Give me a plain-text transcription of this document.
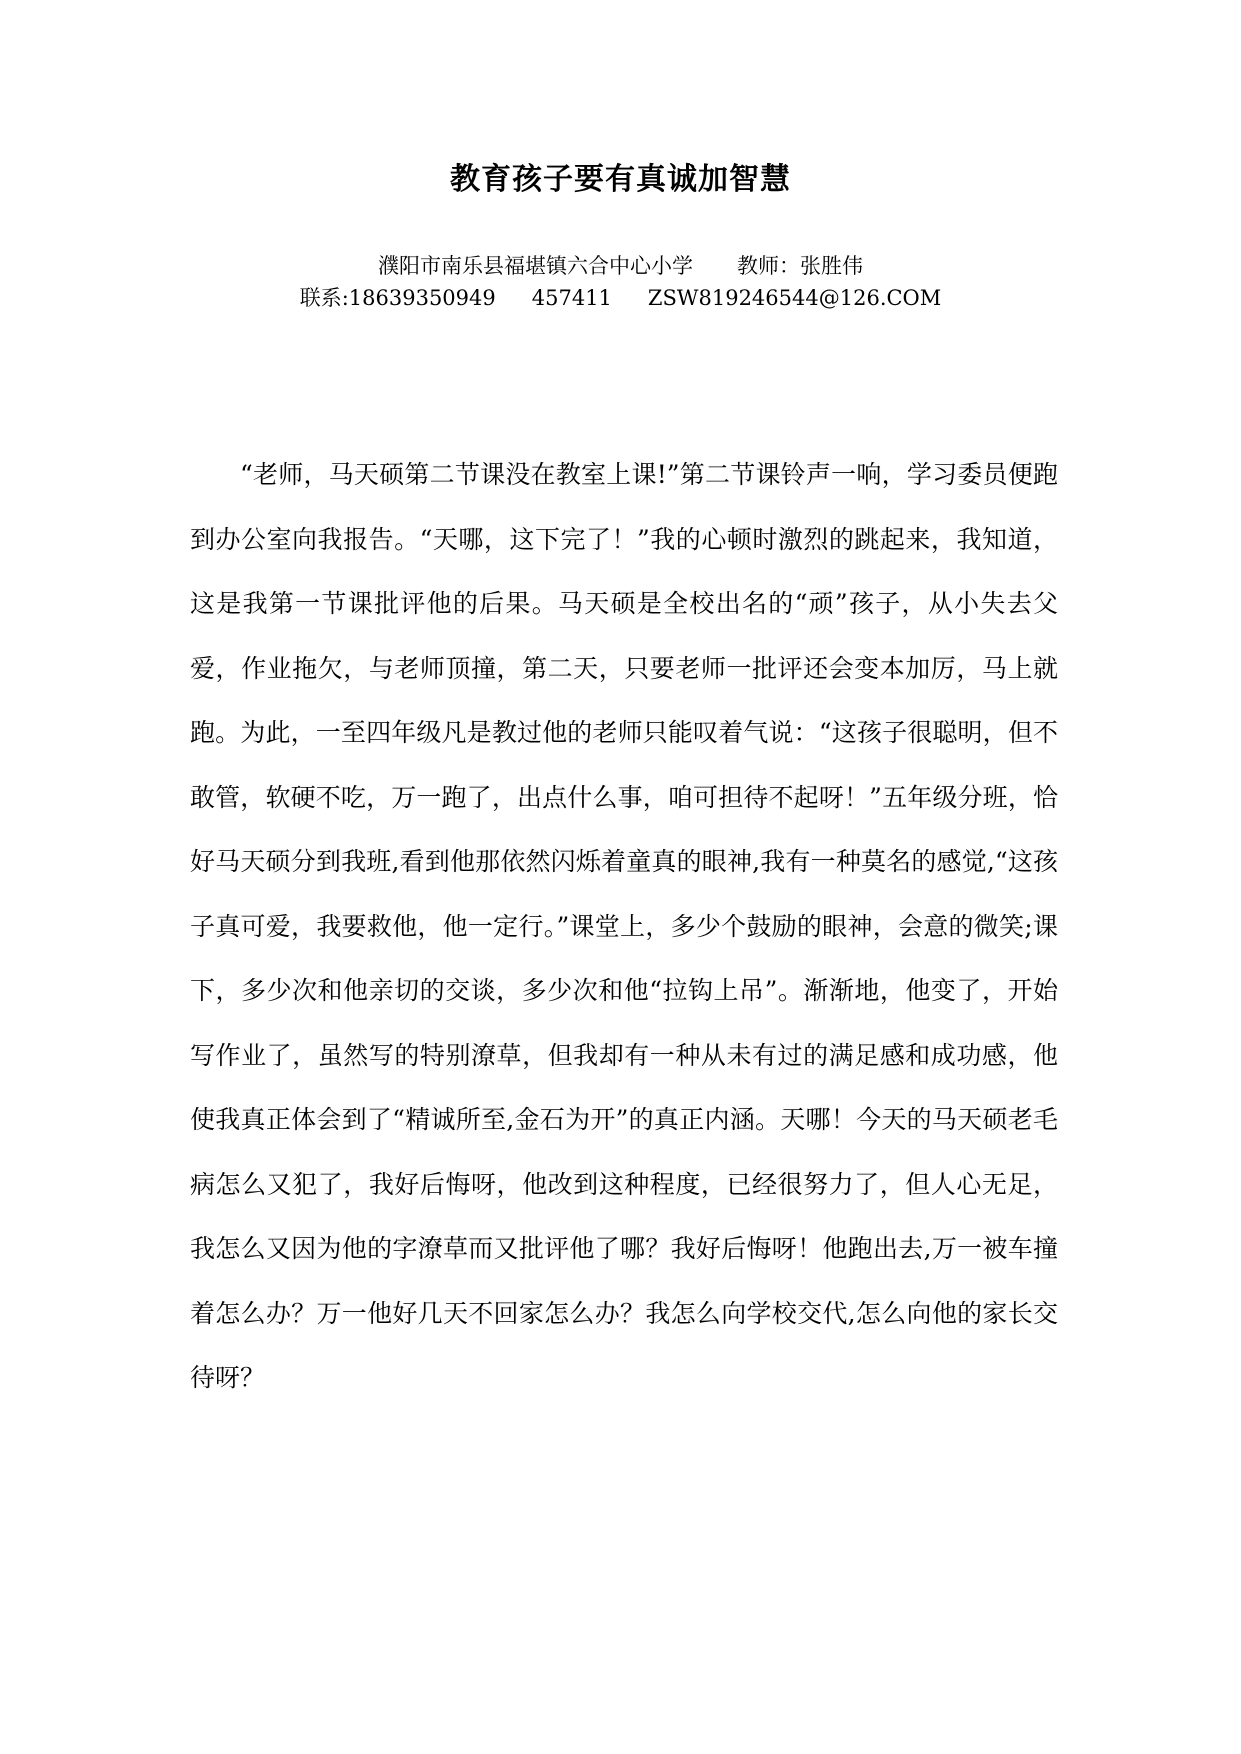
教育孩子要有真诚加智慧
濮阳市南乐县福堪镇六合中心小学 教师：张胜伟
联系:18639350949 457411 ZSW819246544@126.COM

“老师，马天硕第二节课没在教室上课!”第二节课铃声一响，学习委员便跑到办公室向我报告。“天哪，这下完了！”我的心顿时激烈的跳起来，我知道，这是我第一节课批评他的后果。马天硕是全校出名的“顽”孩子，从小失去父爱，作业拖欠，与老师顶撞，第二天，只要老师一批评还会变本加厉，马上就跑。为此，一至四年级凡是教过他的老师只能叹着气说：“这孩子很聪明，但不敢管，软硬不吃，万一跑了，出点什么事，咱可担待不起呀！”五年级分班，恰好马天硕分到我班,看到他那依然闪烁着童真的眼神,我有一种莫名的感觉,“这孩子真可爱，我要救他，他一定行。”课堂上，多少个鼓励的眼神，会意的微笑;课下，多少次和他亲切的交谈，多少次和他“拉钩上吊”。渐渐地，他变了，开始写作业了，虽然写的特别潦草，但我却有一种从未有过的满足感和成功感，他使我真正体会到了“精诚所至,金石为开”的真正内涵。天哪！今天的马天硕老毛病怎么又犯了，我好后悔呀，他改到这种程度，已经很努力了，但人心无足，我怎么又因为他的字潦草而又批评他了哪？我好后悔呀！他跑出去,万一被车撞着怎么办？万一他好几天不回家怎么办？我怎么向学校交代,怎么向他的家长交待呀？
